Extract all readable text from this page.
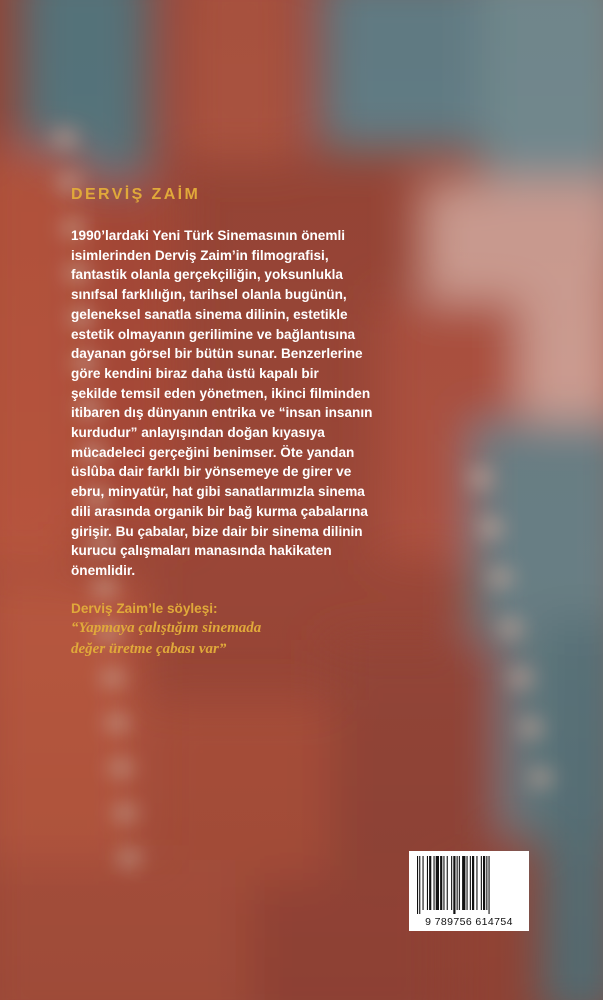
DERVİŞ ZAİM

1990’lardaki Yeni Türk Sinemasının önemli
isimlerinden Derviş Zaim’in filmografisi,
fantastik olanla gerçekçiliğin, yoksunlukla
sınıfsal farklılığın, tarihsel olanla bugünün,
geleneksel sanatla sinema dilinin, estetikle
estetik olmayanın gerilimine ve bağlantısına
dayanan görsel bir bütün sunar. Benzerlerine
göre kendini biraz daha üstü kapalı bir
şekilde temsil eden yönetmen, ikinci filminden
itibaren dış dünyanın entrika ve “insan insanın
kurdudur” anlayışından doğan kıyasıya
mücadeleci gerçeğini benimser. Öte yandan
üslûba dair farklı bir yönsemeye de girer ve
ebru, minyatür, hat gibi sanatlarımızla sinema
dili arasında organik bir bağ kurma çabalarına
girişir. Bu çabalar, bize dair bir sinema dilinin
kurucu çalışmaları manasında hakikaten
önemlidir.

Derviş Zaim’le söyleşi:
“Yapmaya çalıştığım sinemada
değer üretme çabası var”
9 789756 614754
